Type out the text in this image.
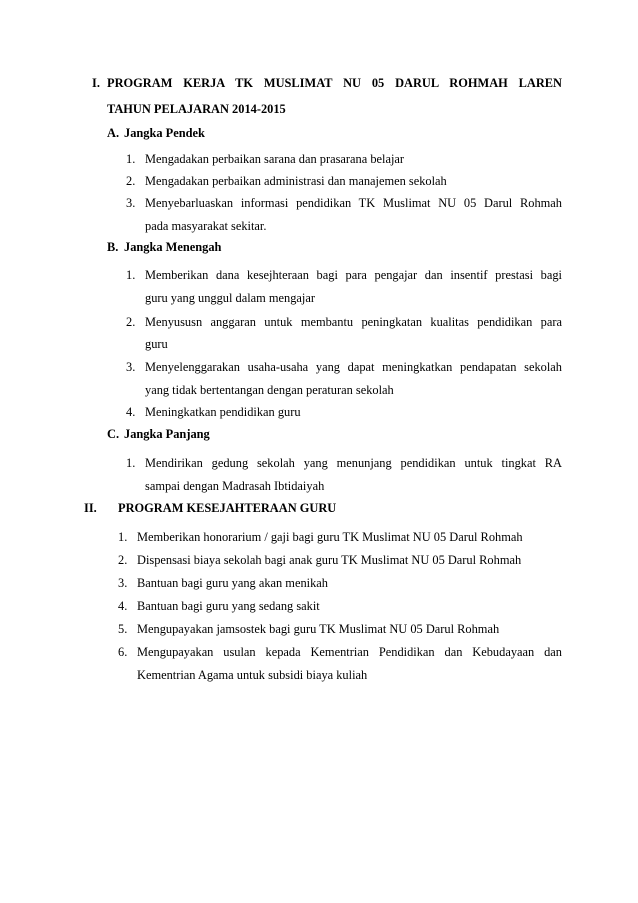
I. PROGRAM KERJA TK MUSLIMAT NU 05 DARUL ROHMAH LAREN
TAHUN PELAJARAN 2014-2015
A. Jangka Pendek
1. Mengadakan perbaikan sarana dan prasarana belajar
2. Mengadakan perbaikan administrasi dan manajemen sekolah
3. Menyebarluaskan informasi pendidikan TK Muslimat NU 05 Darul Rohmah
pada masyarakat sekitar.
B. Jangka Menengah
1. Memberikan dana kesejhteraan bagi para pengajar dan insentif prestasi bagi
guru yang unggul dalam mengajar
2. Menyususn anggaran untuk membantu peningkatan kualitas pendidikan para
guru
3. Menyelenggarakan usaha-usaha yang dapat meningkatkan pendapatan sekolah
yang tidak bertentangan dengan peraturan sekolah
4. Meningkatkan pendidikan guru
C. Jangka Panjang
1. Mendirikan gedung sekolah yang menunjang pendidikan untuk tingkat RA
sampai dengan Madrasah Ibtidaiyah
II. PROGRAM KESEJAHTERAAN GURU
1. Memberikan honorarium / gaji bagi guru TK Muslimat NU 05 Darul Rohmah
2. Dispensasi biaya sekolah bagi anak guru TK Muslimat NU 05 Darul Rohmah
3. Bantuan bagi guru yang akan menikah
4. Bantuan bagi guru yang sedang sakit
5. Mengupayakan jamsostek bagi guru TK Muslimat NU 05 Darul Rohmah
6. Mengupayakan usulan kepada Kementrian Pendidikan dan Kebudayaan dan
Kementrian Agama untuk subsidi biaya kuliah
